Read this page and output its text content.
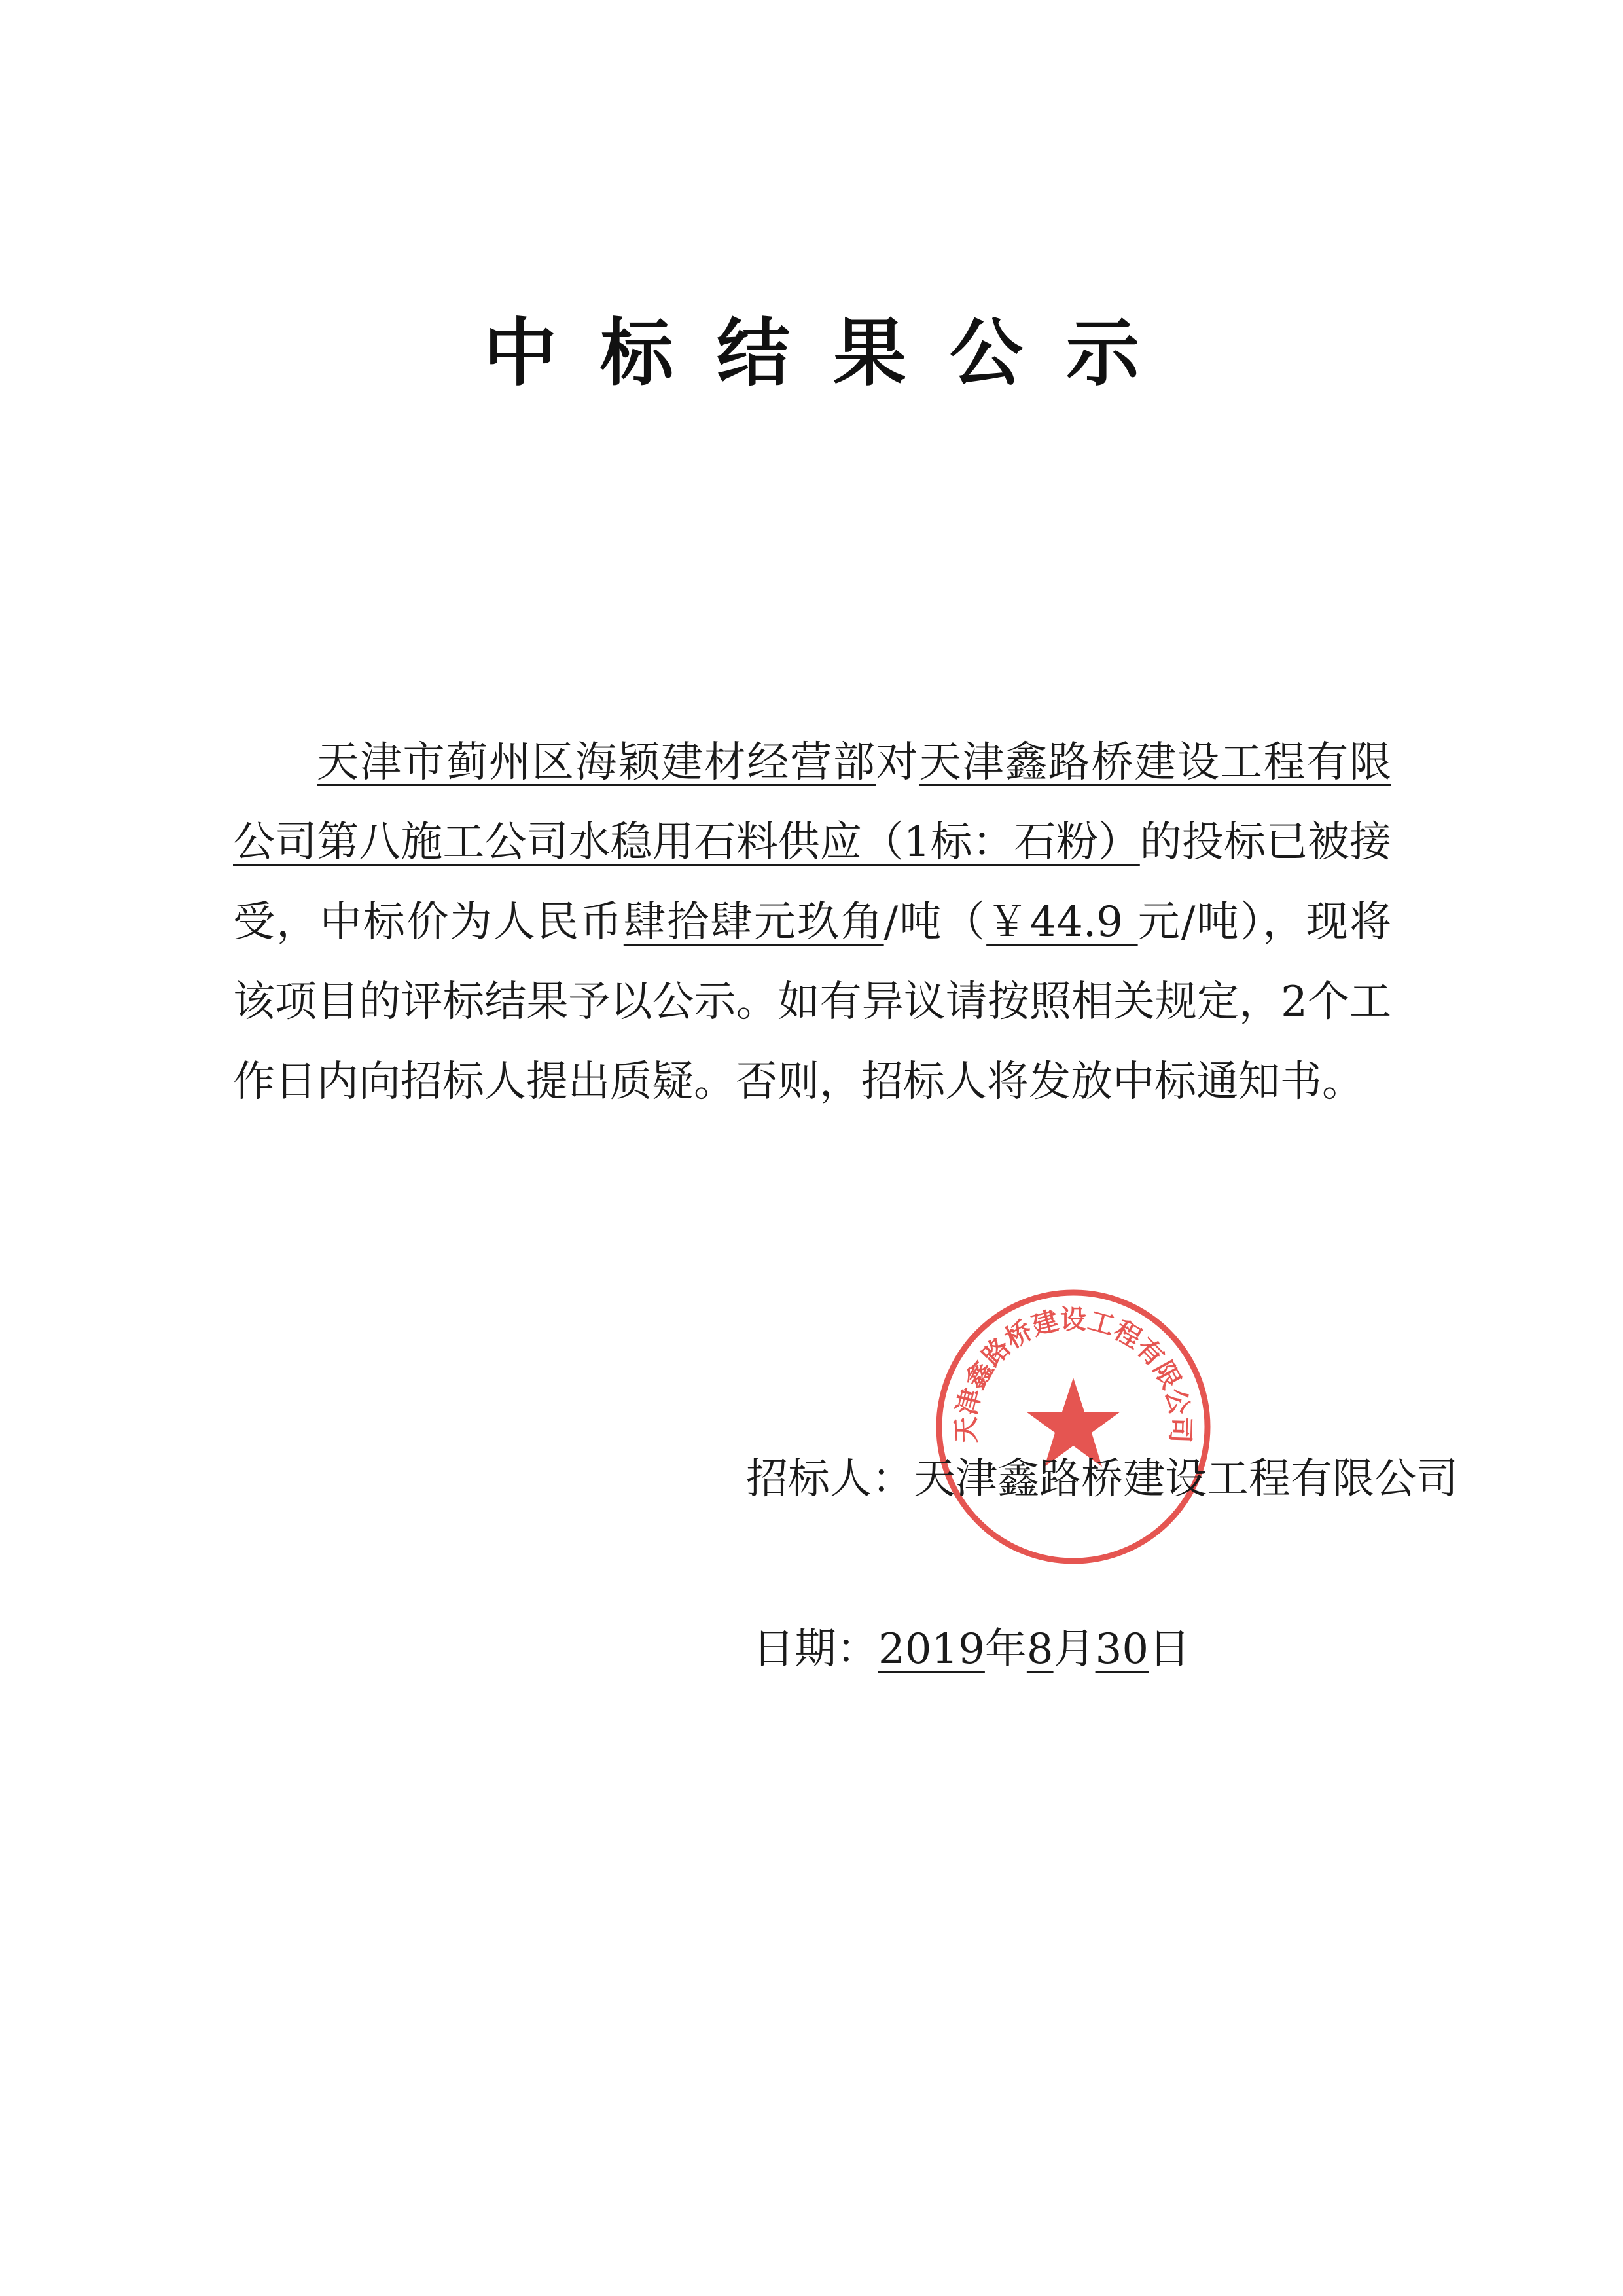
中标结果公示

天津市蓟州区海颖建材经营部对天津鑫路桥建设工程有限公司第八施工公司水稳用石料供应（1标：石粉）的投标已被接受，中标价为人民币肆拾肆元玖角/吨（￥44.9 元/吨），现将该项目的评标结果予以公示。如有异议请按照相关规定，2个工作日内向招标人提出质疑。否则，招标人将发放中标通知书。

天津鑫路桥建设工程有限公司
招标人：天津鑫路桥建设工程有限公司
日期：2019年8月30日
